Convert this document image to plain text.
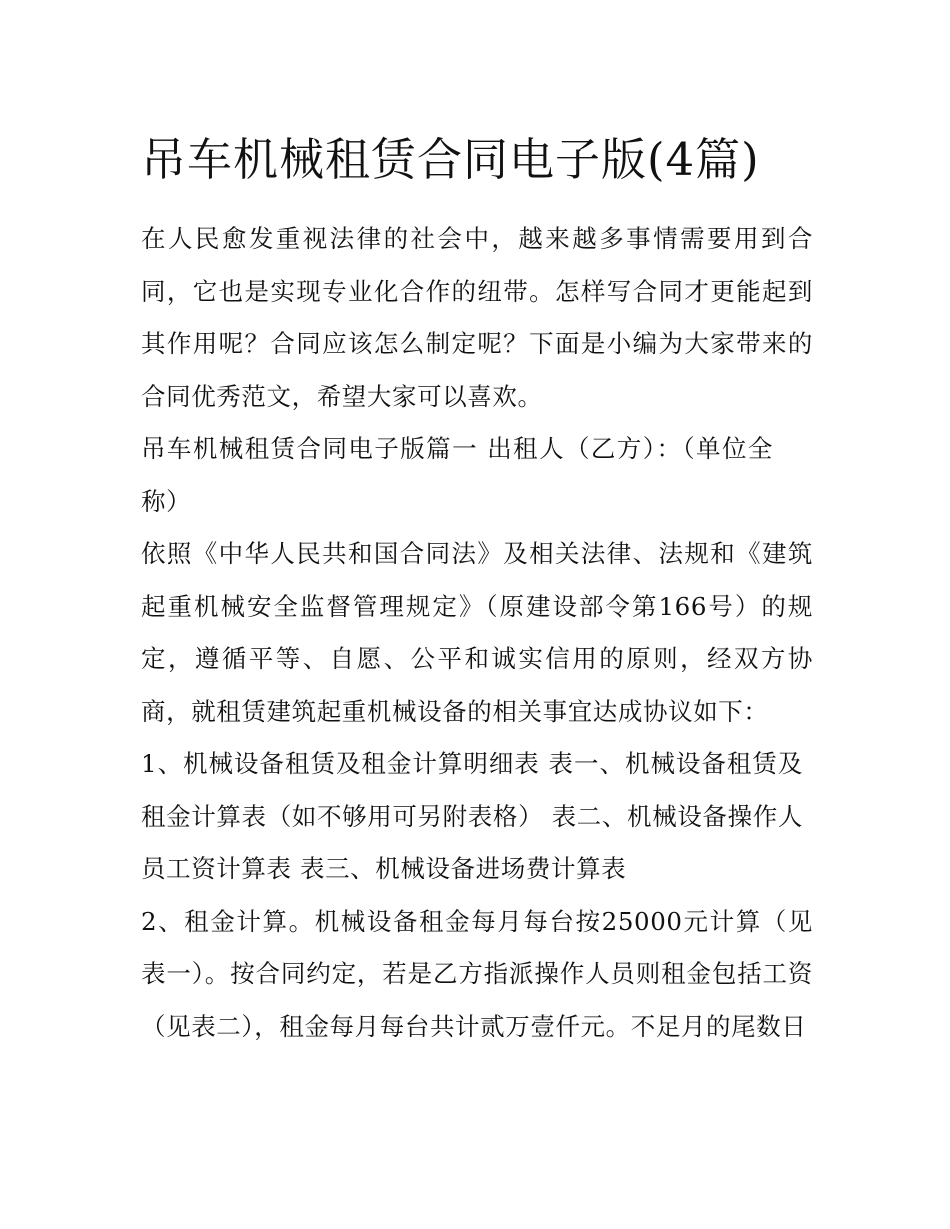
吊车机械租赁合同电子版(4篇)

在人民愈发重视法律的社会中，越来越多事情需要用到合同，它也是实现专业化合作的纽带。怎样写合同才更能起到其作用呢？合同应该怎么制定呢？下面是小编为大家带来的合同优秀范文，希望大家可以喜欢。

吊车机械租赁合同电子版篇一 出租人（乙方）：（单位全称）

依照《中华人民共和国合同法》及相关法律、法规和《建筑起重机械安全监督管理规定》（原建设部令第166号）的规定，遵循平等、自愿、公平和诚实信用的原则，经双方协商，就租赁建筑起重机械设备的相关事宜达成协议如下：

1、机械设备租赁及租金计算明细表 表一、机械设备租赁及租金计算表（如不够用可另附表格） 表二、机械设备操作人员工资计算表 表三、机械设备进场费计算表

2、租金计算。机械设备租金每月每台按25000元计算（见表一）。按合同约定，若是乙方指派操作人员则租金包括工资（见表二），租金每月每台共计贰万壹仟元。不足月的尾数日
